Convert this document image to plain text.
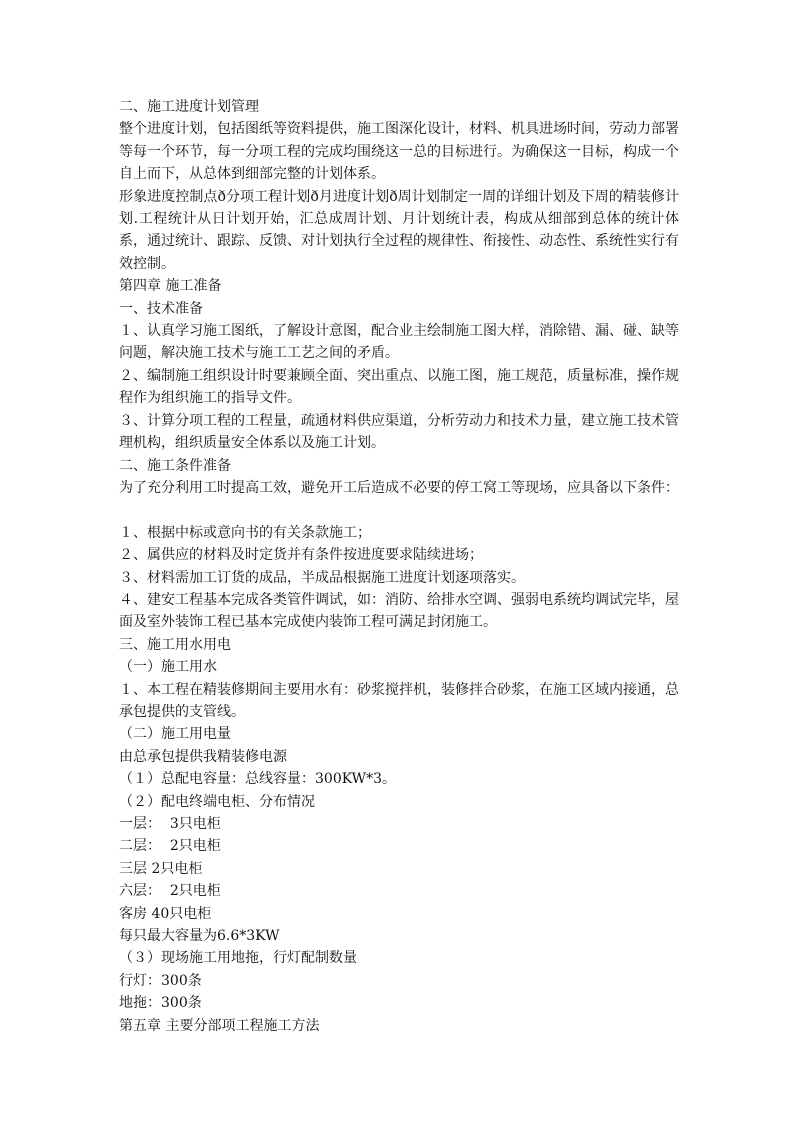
二、施工进度计划管理
整个进度计划，包括图纸等资料提供，施工图深化设计，材料、机具进场时间，劳动力部署等每一个环节，每一分项工程的完成均围绕这一总的目标进行。为确保这一目标，构成一个自上而下，从总体到细部完整的计划体系。
形象进度控制点ð分项工程计划ð月进度计划ð周计划制定一周的详细计划及下周的精装修计划.工程统计从日计划开始，汇总成周计划、月计划统计表，构成从细部到总体的统计体系，通过统计、跟踪、反馈、对计划执行全过程的规律性、衔接性、动态性、系统性实行有效控制。
第四章 施工准备
一、技术准备
１、认真学习施工图纸，了解设计意图，配合业主绘制施工图大样，消除错、漏、碰、缺等问题，解决施工技术与施工工艺之间的矛盾。
２、编制施工组织设计时要兼顾全面、突出重点、以施工图，施工规范，质量标准，操作规程作为组织施工的指导文件。
３、计算分项工程的工程量，疏通材料供应渠道，分析劳动力和技术力量，建立施工技术管理机构，组织质量安全体系以及施工计划。
二、施工条件准备
为了充分利用工时提高工效，避免开工后造成不必要的停工窝工等现场，应具备以下条件：
１、根据中标或意向书的有关条款施工；
２、属供应的材料及时定货并有条件按进度要求陆续进场；
３、材料需加工订货的成品，半成品根据施工进度计划逐项落实。
４、建安工程基本完成各类管件调试，如：消防、给排水空调、强弱电系统均调试完毕，屋面及室外装饰工程已基本完成使内装饰工程可满足封闭施工。
三、施工用水用电
（一）施工用水
１、本工程在精装修期间主要用水有：砂浆搅拌机，装修拌合砂浆，在施工区域内接通，总承包提供的支管线。
（二）施工用电量
由总承包提供我精装修电源
（１）总配电容量：总线容量：300KW*3。
（２）配电终端电柜、分布情况
一层：  3只电柜
二层：  2只电柜
三层 2只电柜
六层：  2只电柜
客房 40只电柜
每只最大容量为6.6*3KW
（３）现场施工用地拖，行灯配制数量
行灯：300条
地拖：300条
第五章 主要分部项工程施工方法
